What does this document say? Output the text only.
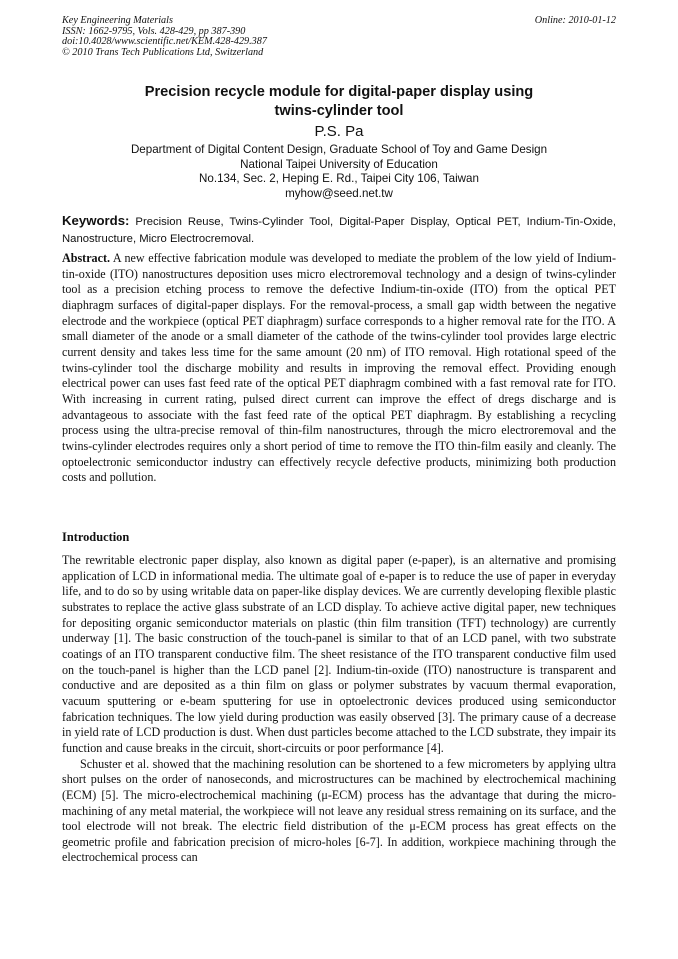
Key Engineering Materials
ISSN: 1662-9795, Vols. 428-429, pp 387-390
doi:10.4028/www.scientific.net/KEM.428-429.387
© 2010 Trans Tech Publications Ltd, Switzerland
Online: 2010-01-12
Precision recycle module for digital-paper display using
twins-cylinder tool
P.S. Pa
Department of Digital Content Design, Graduate School of Toy and Game Design
National Taipei University of Education
No.134, Sec. 2, Heping E. Rd., Taipei City 106, Taiwan
myhow@seed.net.tw
Keywords: Precision Reuse, Twins-Cylinder Tool, Digital-Paper Display, Optical PET, Indium-Tin-Oxide, Nanostructure, Micro Electrocremoval.
Abstract. A new effective fabrication module was developed to mediate the problem of the low yield of Indium-tin-oxide (ITO) nanostructures deposition uses micro electroremoval technology and a design of twins-cylinder tool as a precision etching process to remove the defective Indium-tin-oxide (ITO) from the optical PET diaphragm surfaces of digital-paper displays. For the removal-process, a small gap width between the negative electrode and the workpiece (optical PET diaphragm) surface corresponds to a higher removal rate for the ITO. A small diameter of the anode or a small diameter of the cathode of the twins-cylinder tool provides large electric current density and takes less time for the same amount (20 nm) of ITO removal. High rotational speed of the twins-cylinder tool the discharge mobility and results in improving the removal effect. Providing enough electrical power can uses fast feed rate of the optical PET diaphragm combined with a fast removal rate for ITO. With increasing in current rating, pulsed direct current can improve the effect of dregs discharge and is advantageous to associate with the fast feed rate of the optical PET diaphragm. By establishing a recycling process using the ultra-precise removal of thin-film nanostructures, through the micro electroremoval and the twins-cylinder electrodes requires only a short period of time to remove the ITO thin-film easily and cleanly. The optoelectronic semiconductor industry can effectively recycle defective products, minimizing both production costs and pollution.
Introduction

The rewritable electronic paper display, also known as digital paper (e-paper), is an alternative and promising application of LCD in informational media. The ultimate goal of e-paper is to reduce the use of paper in everyday life, and to do so by using writable data on paper-like display devices. We are currently developing flexible plastic substrates to replace the active glass substrate of an LCD display. To achieve active digital paper, new techniques for depositing organic semiconductor materials on plastic (thin film transition (TFT) technology) are currently underway [1]. The basic construction of the touch-panel is similar to that of an LCD panel, with two substrate coatings of an ITO transparent conductive film. The sheet resistance of the ITO transparent conductive film used on the touch-panel is higher than the LCD panel [2]. Indium-tin-oxide (ITO) nanostructure is transparent and conductive and are deposited as a thin film on glass or polymer substrates by vacuum thermal evaporation, vacuum sputtering or e-beam sputtering for use in optoelectronic devices produced using semiconductor fabrication techniques. The low yield during production was easily observed [3]. The primary cause of a decrease in yield rate of LCD production is dust. When dust particles become attached to the LCD substrate, they impair its function and cause breaks in the circuit, short-circuits or poor performance [4].

Schuster et al. showed that the machining resolution can be shortened to a few micrometers by applying ultra short pulses on the order of nanoseconds, and microstructures can be machined by electrochemical machining (ECM) [5]. The micro-electrochemical machining (μ-ECM) process has the advantage that during the micro-machining of any metal material, the workpiece will not leave any residual stress remaining on its surface, and the tool electrode will not break. The electric field distribution of the μ-ECM process has great effects on the geometric profile and fabrication precision of micro-holes [6-7]. In addition, workpiece machining through the electrochemical process can
